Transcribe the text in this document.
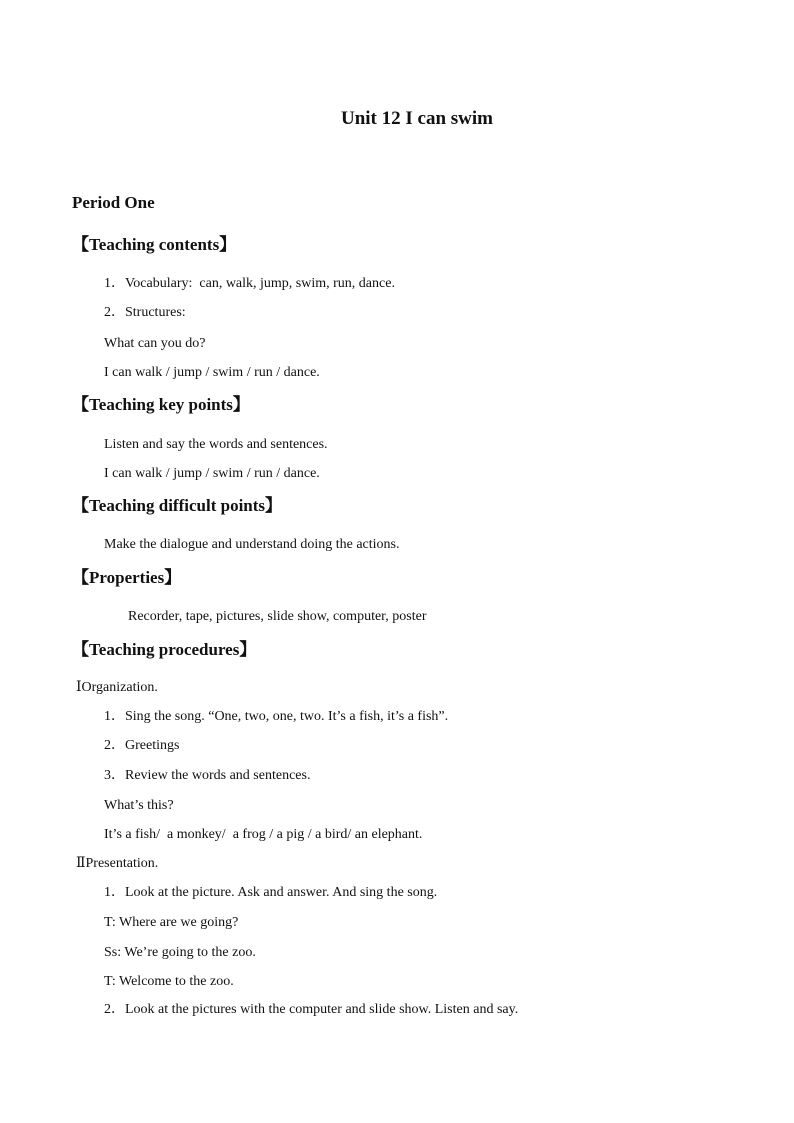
Unit 12 I can swim
Period One
【Teaching contents】
1．Vocabulary:  can, walk, jump, swim, run, dance.
2．Structures:
What can you do?
I can walk / jump / swim / run / dance.
【Teaching key points】
Listen and say the words and sentences.
I can walk / jump / swim / run / dance.
【Teaching difficult points】
Make the dialogue and understand doing the actions.
【Properties】
Recorder, tape, pictures, slide show, computer, poster
【Teaching procedures】
ⅠOrganization.
1．Sing the song. “One, two, one, two. It’s a fish, it’s a fish”.
2．Greetings
3．Review the words and sentences.
What’s this?
It’s a fish/  a monkey/  a frog / a pig / a bird/ an elephant.
ⅡPresentation.
1．Look at the picture. Ask and answer. And sing the song.
T: Where are we going?
Ss: We’re going to the zoo.
T: Welcome to the zoo.
2．Look at the pictures with the computer and slide show. Listen and say.
